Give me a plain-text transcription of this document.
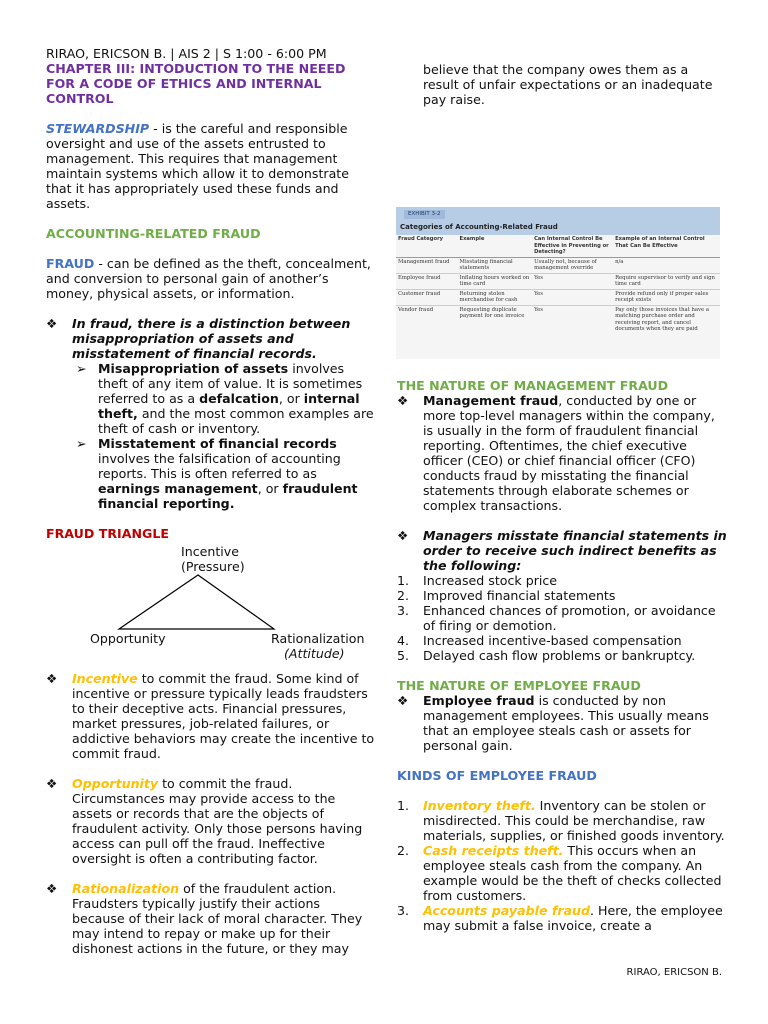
RIRAO, ERICSON B. | AIS 2 | S 1:00 - 6:00 PM

CHAPTER III: INTODUCTION TO THE NEEED FOR A CODE OF ETHICS AND INTERNAL CONTROL

STEWARDSHIP - is the careful and responsible oversight and use of the assets entrusted to management. This requires that management maintain systems which allow it to demonstrate that it has appropriately used these funds and assets.

ACCOUNTING-RELATED FRAUD

FRAUD - can be defined as the theft, concealment, and conversion to personal gain of another’s money, physical assets, or information.

❖ In fraud, there is a distinction between misappropriation of assets and misstatement of financial records.
➢ Misappropriation of assets involves theft of any item of value. It is sometimes referred to as a defalcation, or internal theft, and the most common examples are theft of cash or inventory.
➢ Misstatement of financial records involves the falsification of accounting reports. This is often referred to as earnings management, or fraudulent financial reporting.

FRAUD TRIANGLE

Incentive
(Pressure)
Opportunity	Rationalization
(Attitude)
❖ Incentive to commit the fraud. Some kind of incentive or pressure typically leads fraudsters to their deceptive acts. Financial pressures, market pressures, job-related failures, or addictive behaviors may create the incentive to commit fraud.
❖ Opportunity to commit the fraud. Circumstances may provide access to the assets or records that are the objects of fraudulent activity. Only those persons having access can pull off the fraud. Ineffective oversight is often a contributing factor.
❖ Rationalization of the fraudulent action. Fraudsters typically justify their actions because of their lack of moral character. They may intend to repay or make up for their dishonest actions in the future, or they may
believe that the company owes them as a result of unfair expectations or an inadequate pay raise.
EXHIBIT 3-2
Categories of Accounting-Related Fraud
Fraud Category	Example	Can Internal Control Be Effective in Preventing or Detecting?	Example of an Internal Control That Can Be Effective
Management fraud	Misstating financial statements	Usually not, because of management override	n/a
Employee fraud	Inflating hours worked on time card	Yes	Require supervisor to verify and sign time card
Customer fraud	Returning stolen merchandise for cash	Yes	Provide refund only if proper sales receipt exists
Vendor fraud	Requesting duplicate payment for one invoice	Yes	Pay only those invoices that have a matching purchase order and receiving report, and cancel documents when they are paid

THE NATURE OF MANAGEMENT FRAUD

❖ Management fraud, conducted by one or more top-level managers within the company, is usually in the form of fraudulent financial reporting. Oftentimes, the chief executive officer (CEO) or chief financial officer (CFO) conducts fraud by misstating the financial statements through elaborate schemes or complex transactions.
❖ Managers misstate financial statements in order to receive such indirect benefits as the following:
1. Increased stock price
2. Improved financial statements
3. Enhanced chances of promotion, or avoidance of firing or demotion.
4. Increased incentive-based compensation
5. Delayed cash flow problems or bankruptcy.

THE NATURE OF EMPLOYEE FRAUD

❖ Employee fraud is conducted by non management employees. This usually means that an employee steals cash or assets for personal gain.

KINDS OF EMPLOYEE FRAUD

1. Inventory theft. Inventory can be stolen or misdirected. This could be merchandise, raw materials, supplies, or finished goods inventory.
2. Cash receipts theft. This occurs when an employee steals cash from the company. An example would be the theft of checks collected from customers.
3. Accounts payable fraud. Here, the employee may submit a false invoice, create a
RIRAO, ERICSON B.
